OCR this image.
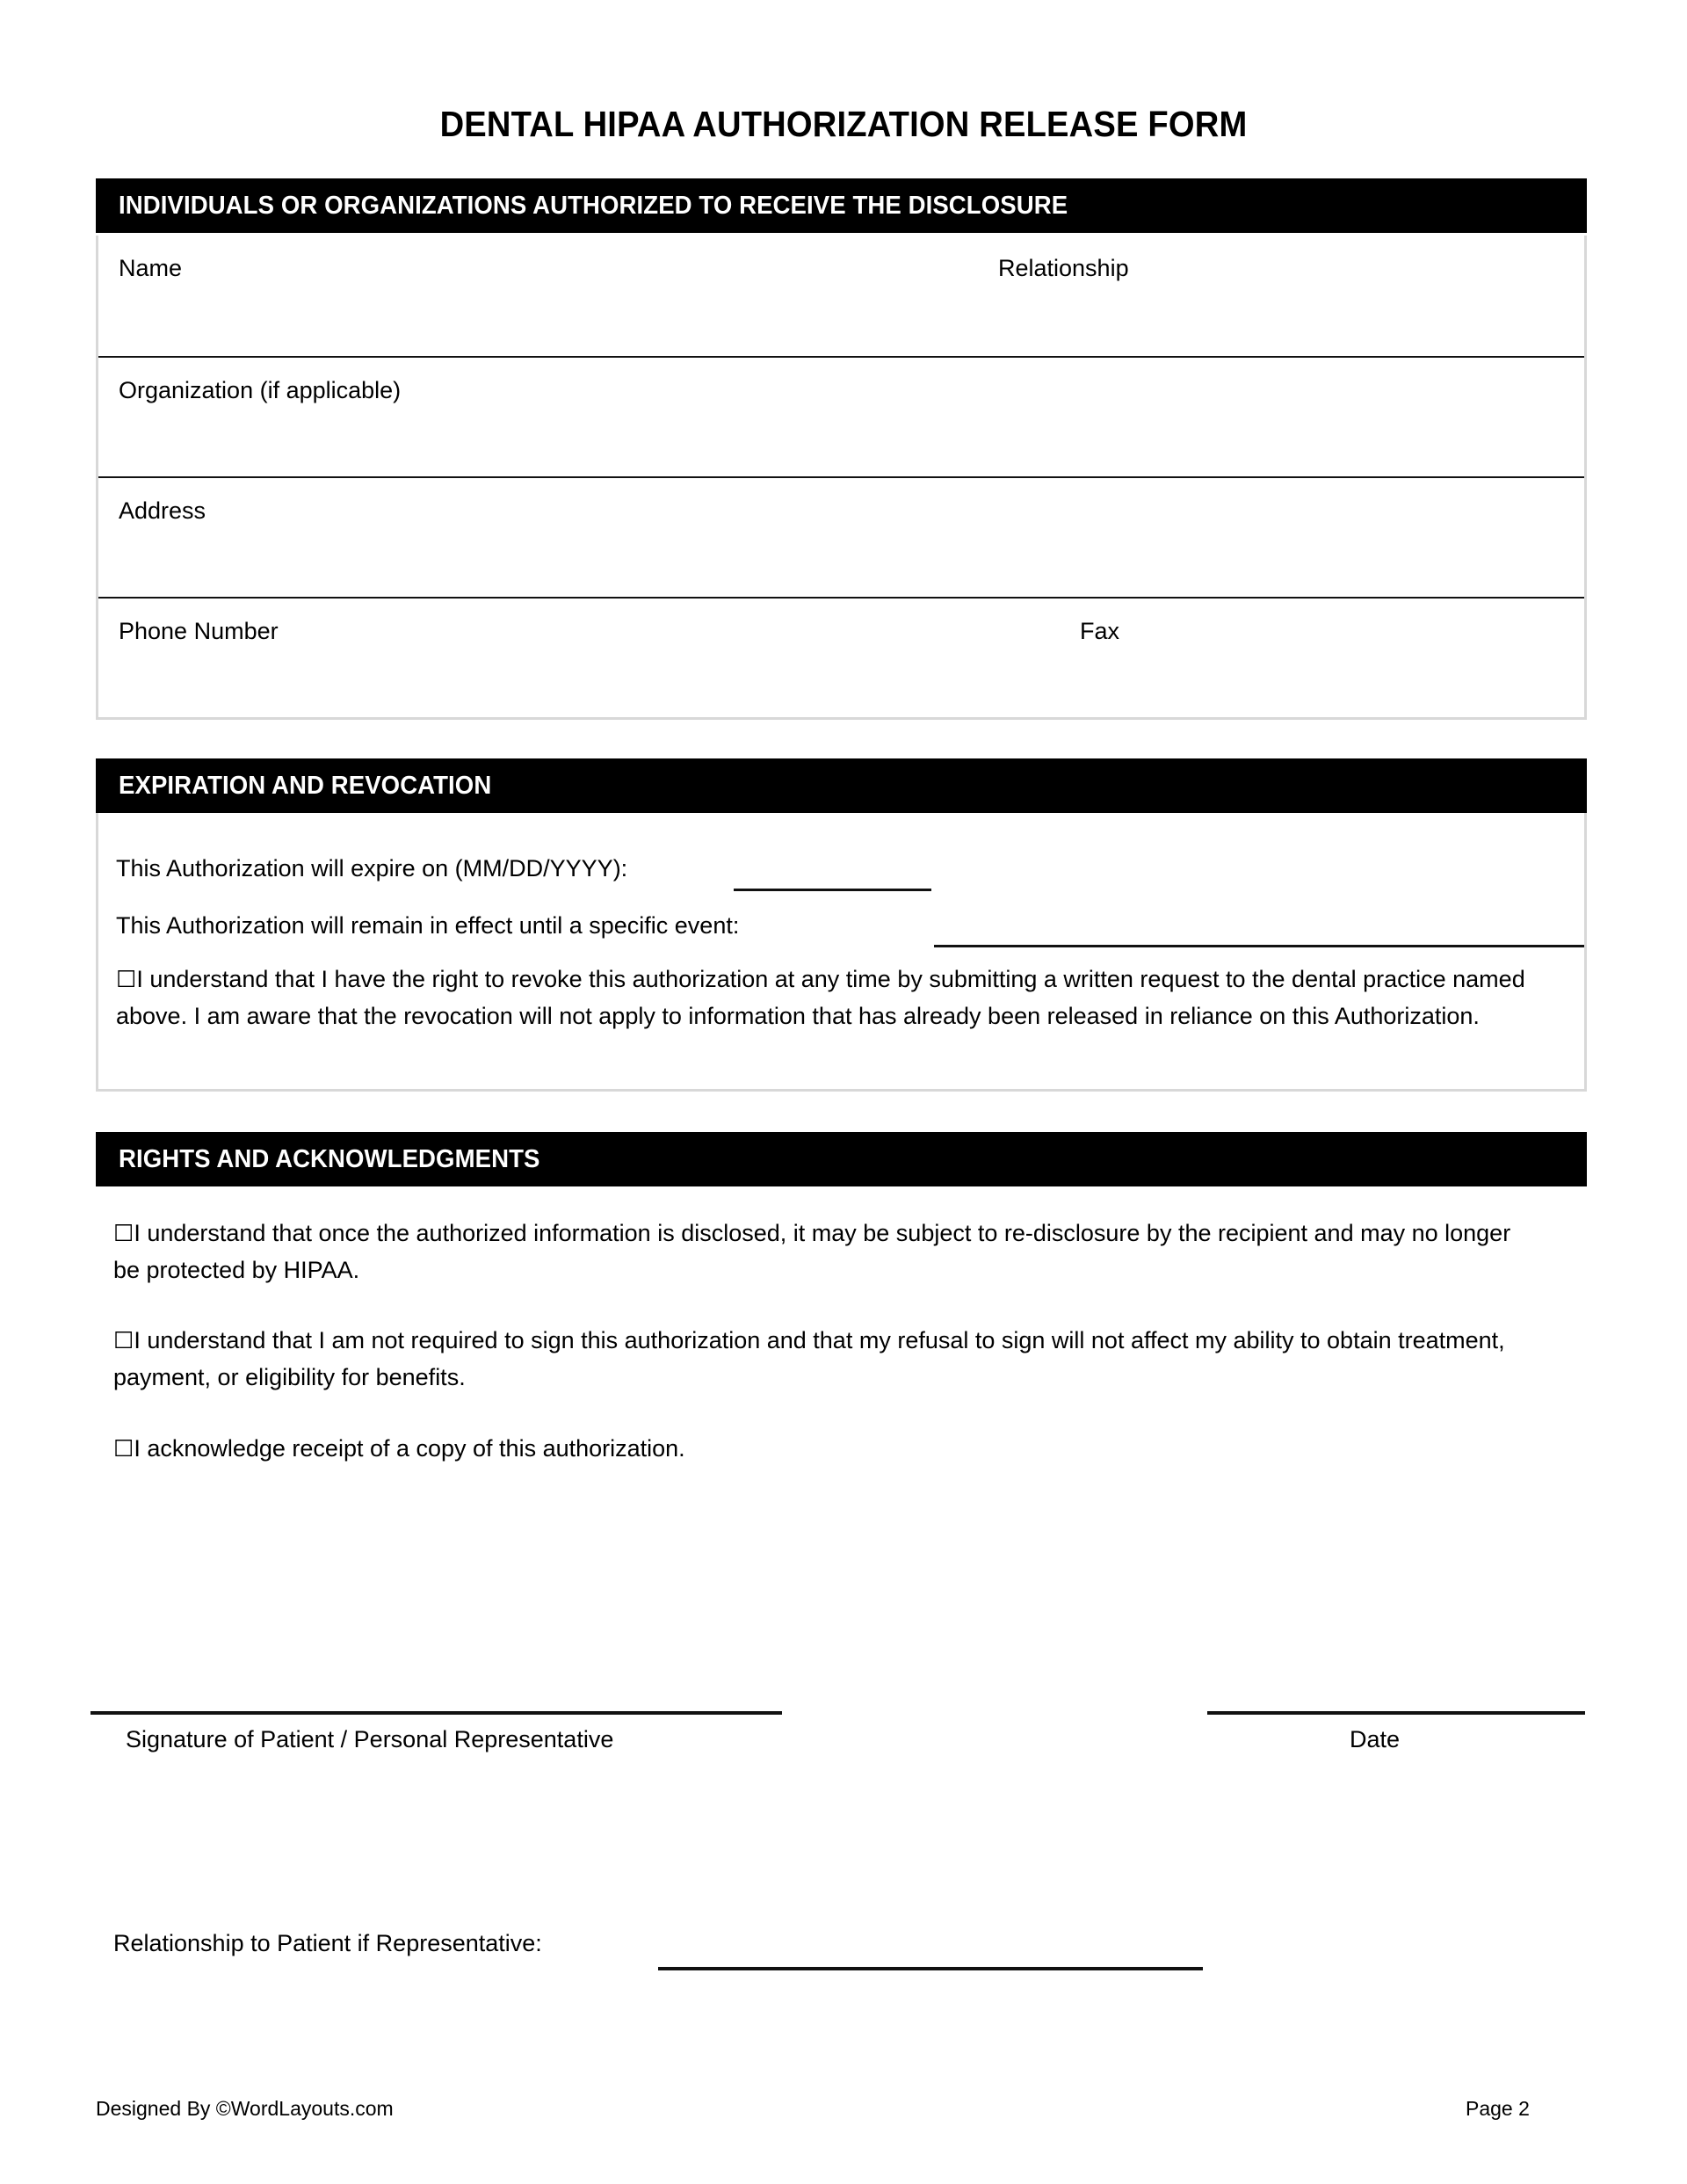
DENTAL HIPAA AUTHORIZATION RELEASE FORM
INDIVIDUALS OR ORGANIZATIONS AUTHORIZED TO RECEIVE THE DISCLOSURE
Name	Relationship
Organization (if applicable)
Address
Phone Number	Fax
EXPIRATION AND REVOCATION
This Authorization will expire on (MM/DD/YYYY):
This Authorization will remain in effect until a specific event:
☐I understand that I have the right to revoke this authorization at any time by submitting a written request to the dental practice named above. I am aware that the revocation will not apply to information that has already been released in reliance on this Authorization.
RIGHTS AND ACKNOWLEDGMENTS
☐I understand that once the authorized information is disclosed, it may be subject to re-disclosure by the recipient and may no longer be protected by HIPAA.
☐I understand that I am not required to sign this authorization and that my refusal to sign will not affect my ability to obtain treatment, payment, or eligibility for benefits.
☐I acknowledge receipt of a copy of this authorization.
Signature of Patient / Personal Representative	Date
Relationship to Patient if Representative:
Designed By ©WordLayouts.com	Page 2
